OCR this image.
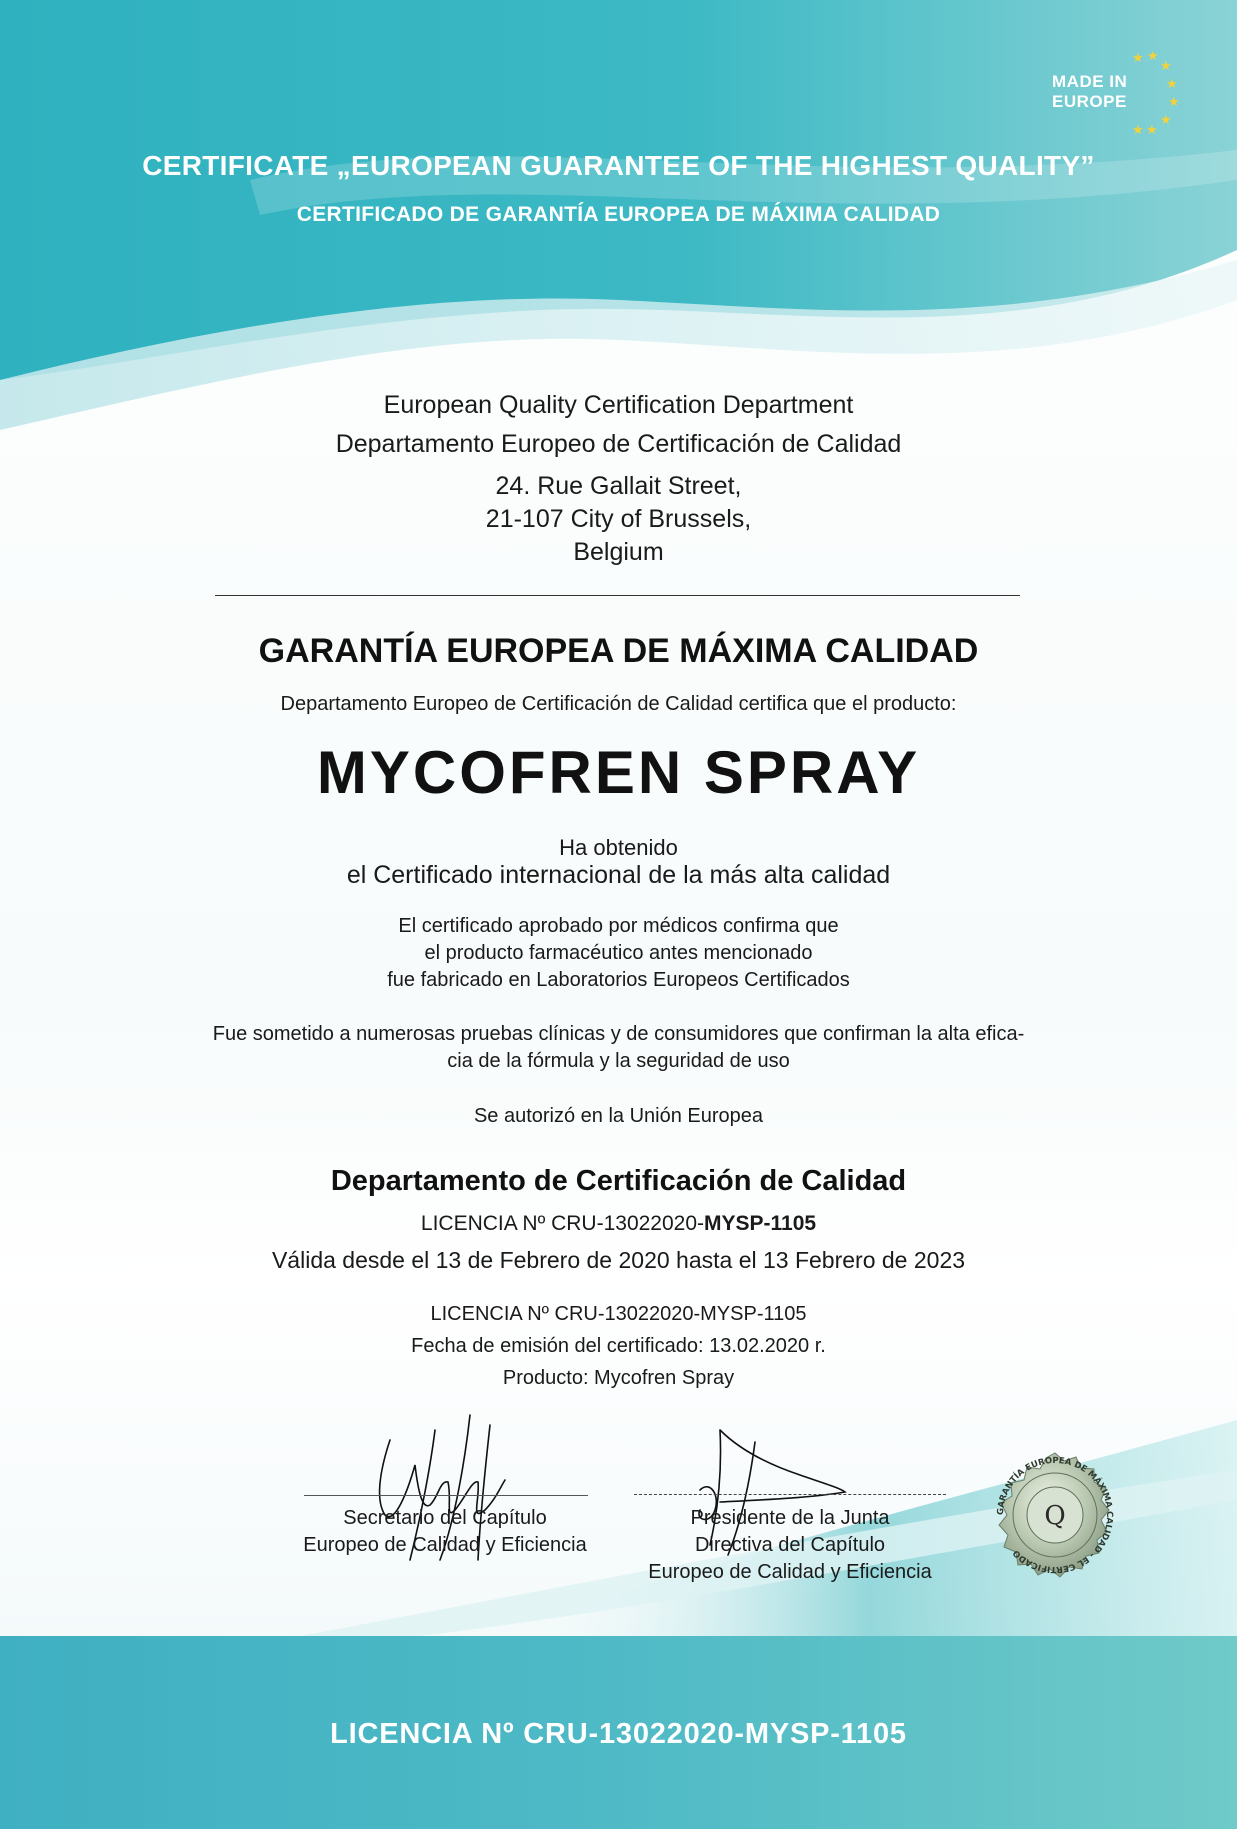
MADE IN
EUROPE
★ ★
★
★
★
★
★
★
CERTIFICATE „EUROPEAN GUARANTEE OF THE HIGHEST QUALITY”
CERTIFICADO DE GARANTÍA EUROPEA DE MÁXIMA CALIDAD
European Quality Certification Department
Departamento Europeo de Certificación de Calidad
24. Rue Gallait Street,
21-107 City of Brussels,
Belgium
GARANTÍA EUROPEA DE MÁXIMA CALIDAD
Departamento Europeo de Certificación de Calidad certifica que el producto:
MYCOFREN SPRAY
Ha obtenido
el Certificado internacional de la más alta calidad
El certificado aprobado por médicos confirma que
el producto farmacéutico antes mencionado
fue fabricado en Laboratorios Europeos Certificados
Fue sometido a numerosas pruebas clínicas y de consumidores que confirman la alta efica-
cia de la fórmula y la seguridad de uso
Se autorizó en la Unión Europea
Departamento de Certificación de Calidad
LICENCIA Nº CRU-13022020-MYSP-1105
Válida desde el 13 de Febrero de 2020 hasta el 13 Febrero de 2023
LICENCIA Nº CRU-13022020-MYSP-1105
Fecha de emisión del certificado: 13.02.2020 r.
Producto: Mycofren Spray
Secretario del Capítulo
Europeo de Calidad y Eficiencia
Presidente de la Junta
Directiva del Capítulo
Europeo de Calidad y Eficiencia
GARANTÍA EUROPEA DE MÁXIMA CALIDAD - EL CERTIFICADO
Q
LICENCIA Nº CRU-13022020-MYSP-1105
